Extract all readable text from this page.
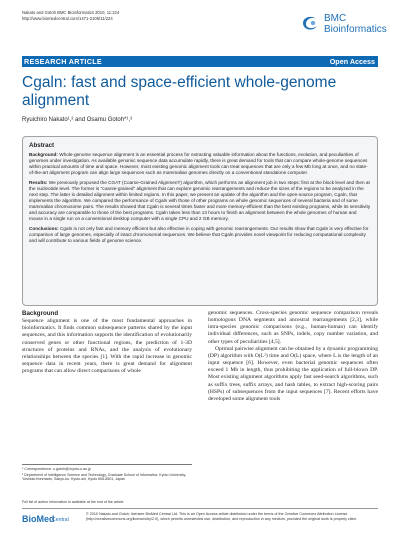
Nakato and Gotoh BMC Bioinformatics 2010, 11:224
http://www.biomedcentral.com/1471-2105/11/224	BMC
Bioinformatics
RESEARCH ARTICLE	Open Access
Cgaln: fast and space-efficient whole-genome alignment
Ryuichiro Nakato¹,² and Osamu Gotoh*¹,³
Abstract

Background: Whole-genome sequence alignment is an essential process for extracting valuable information about the functions, evolution, and peculiarities of genomes under investigation. As available genomic sequence data accumulate rapidly, there is great demand for tools that can compare whole-genome sequences within practical amounts of time and space. However, most existing genomic alignment tools can treat sequences that are only a few Mb long at once, and no state-of-the-art alignment program can align large sequences such as mammalian genomes directly on a conventional standalone computer.

Results: We previously proposed the CGAT (Coarse-Grained AlignmenT) algorithm, which performs an alignment job in two steps: first at the block level and then at the nucleotide level. The former is "coarse-grained" alignment that can explore genomic rearrangements and reduce the sizes of the regions to be analyzed in the next step. The latter is detailed alignment within limited regions. In this paper, we present an update of the algorithm and the open-source program, Cgaln, that implements the algorithm. We compared the performance of Cgaln with those of other programs on whole genomic sequences of several bacteria and of some mammalian chromosome pairs. The results showed that Cgaln is several times faster and more memory-efficient than the best existing programs, while its sensitivity and accuracy are comparable to those of the best programs. Cgaln takes less than 13 hours to finish an alignment between the whole genomes of human and mouse in a single run on a conventional desktop computer with a single CPU and 2 GB memory.

Conclusions: Cgaln is not only fast and memory efficient but also effective in coping with genomic rearrangements. Our results show that Cgaln is very effective for comparison of large genomes, especially of intact chromosomal sequences. We believe that Cgaln provides novel viewpoint for reducing computational complexity and will contribute to various fields of genome science.

Background

Sequence alignment is one of the most fundamental approaches in bioinformatics. It finds common subsequence patterns shared by the input sequences, and this information supports the identification of evolutionarily conserved genes or other functional regions, the prediction of 1-3D structures of proteins and RNAs, and the analysis of evolutionary relationships between the species [1]. With the rapid increase in genomic sequence data in recent years, there is great demand for alignment programs that can allow direct comparisons of whole

genomic sequences. Cross-species genomic sequence comparison reveals homologous DNA segments and ancestral rearrangements [2,3], while intra-species genomic comparisons (e.g., human-human) can identify individual differences, such as SNPs, indels, copy number variation, and other types of peculiarities [4,5].

Optimal pairwise alignment can be obtained by a dynamic programming (DP) algorithm with O(L²) time and O(L) space, where L is the length of an input sequence [6]. However, even bacterial genomic sequences often exceed 1 Mb in length, thus prohibiting the application of full-blown DP. Most existing alignment algorithms apply fast seed-search algorithms, such as suffix trees, suffix arrays, and hash tables, to extract high-scoring pairs (HSPs) of subsequences from the input sequences [7]. Recent efforts have developed some alignment tools

* Correspondence: o.gotoh@i.kyoto-u.ac.jp

¹ Department of Intelligence Science and Technology, Graduate School of Informatics, Kyoto University, Yoshida-Honmachi, Sakyo-ku, Kyoto-shi, Kyoto 606-8501, Japan

Full list of author information is available at the end of the article
BioMed
Central
© 2010 Nakato and Gotoh; licensee BioMed Central Ltd. This is an Open Access article distributed under the terms of the Creative Commons Attribution License (http://creativecommons.org/licenses/by/2.0), which permits unrestricted use, distribution, and reproduction in any medium, provided the original work is properly cited.
